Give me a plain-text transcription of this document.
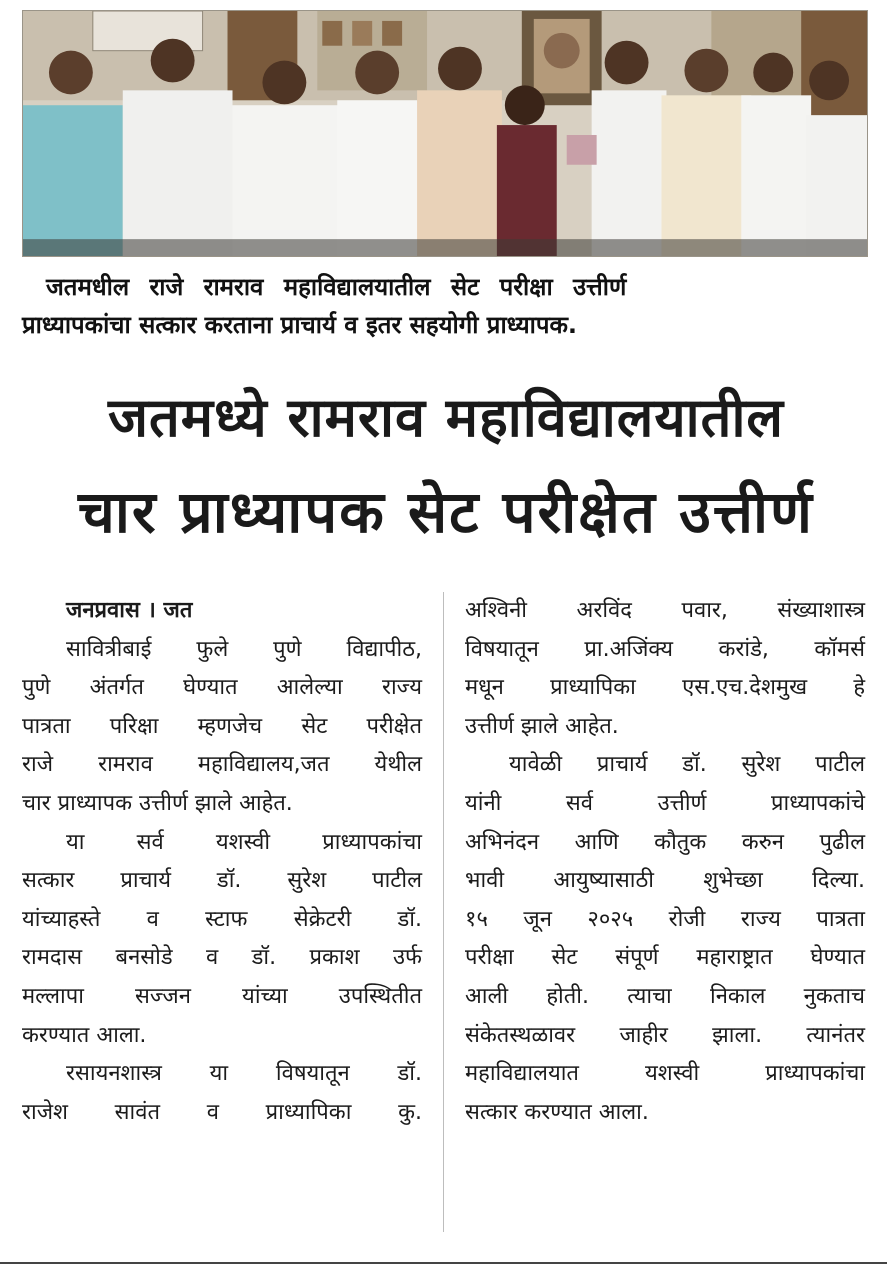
जतमधील राजे रामराव महाविद्यालयातील सेट परीक्षा उत्तीर्ण
प्राध्यापकांचा सत्कार करताना प्राचार्य व इतर सहयोगी प्राध्यापक.
जतमध्ये रामराव महाविद्यालयातील
चार प्राध्यापक सेट परीक्षेत उत्तीर्ण
जनप्रवास । जत
सावित्रीबाई फुले पुणे विद्यापीठ,
पुणे अंतर्गत घेण्यात आलेल्या राज्य
पात्रता परिक्षा म्हणजेच सेट परीक्षेत
राजे रामराव महाविद्यालय,जत येथील
चार प्राध्यापक उत्तीर्ण झाले आहेत.
या सर्व यशस्वी प्राध्यापकांचा
सत्कार प्राचार्य डॉ. सुरेश पाटील
यांच्याहस्ते व स्टाफ सेक्रेटरी डॉ.
रामदास बनसोडे व डॉ. प्रकाश उर्फ
मल्लापा सज्जन यांच्या उपस्थितीत
करण्यात आला.
रसायनशास्त्र या विषयातून डॉ.
राजेश सावंत व प्राध्यापिका कु.
अश्विनी अरविंद पवार, संख्याशास्त्र
विषयातून प्रा.अजिंक्य करांडे, कॉमर्स
मधून प्राध्यापिका एस.एच.देशमुख हे
उत्तीर्ण झाले आहेत.
यावेळी प्राचार्य डॉ. सुरेश पाटील
यांनी सर्व उत्तीर्ण प्राध्यापकांचे
अभिनंदन आणि कौतुक करुन पुढील
भावी आयुष्यासाठी शुभेच्छा दिल्या.
१५ जून २०२५ रोजी राज्य पात्रता
परीक्षा सेट संपूर्ण महाराष्ट्रात घेण्यात
आली होती. त्याचा निकाल नुकताच
संकेतस्थळावर जाहीर झाला. त्यानंतर
महाविद्यालयात यशस्वी प्राध्यापकांचा
सत्कार करण्यात आला.
